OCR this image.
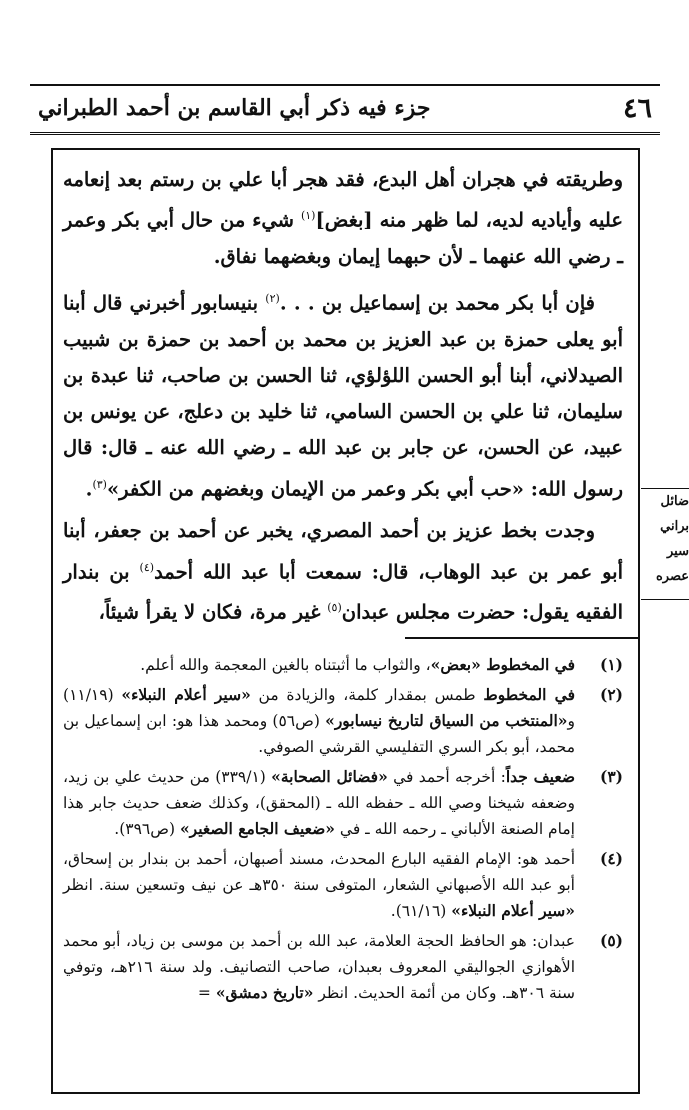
٤٦
جزء فيه ذكر أبي القاسم بن أحمد الطبراني

وطريقته في هجران أهل البدع، فقد هجر أبا علي بن رستم بعد إنعامه عليه وأياديه لديه، لما ظهر منه [بغض]$^{(١)}$ شيء من حال أبي بكر وعمر ـ رضي الله عنهما ـ لأن حبهما إيمان وبغضهما نفاق.

فإن أبا بكر محمد بن إسماعيل بن . . .$^{(٢)}$ بنيسابور أخبرني قال أبنا أبو يعلى حمزة بن عبد العزيز بن محمد بن أحمد بن حمزة بن شبيب الصيدلاني، أبنا أبو الحسن اللؤلؤي، ثنا الحسن بن صاحب، ثنا عبدة بن سليمان، ثنا علي بن الحسن السامي، ثنا خليد بن دعلج، عن يونس بن عبيد، عن الحسن، عن جابر بن عبد الله ـ رضي الله عنه ـ قال: قال رسول الله: «حب أبي بكر وعمر من الإيمان وبغضهم من الكفر»$^{(٣)}$.

وجدت بخط عزيز بن أحمد المصري، يخبر عن أحمد بن جعفر، أبنا أبو عمر بن عبد الوهاب، قال: سمعت أبا عبد الله أحمد$^{(٤)}$ بن بندار الفقيه يقول: حضرت مجلس عبدان$^{(٥)}$ غير مرة، فكان لا يقرأ شيئاً،

ضائل
براني
سير
عصره

(١)
في المخطوط «بعض»، والثواب ما أثبتناه بالغين المعجمة والله أعلم.

(٢)
في المخطوط طمس بمقدار كلمة، والزيادة من «سير أعلام النبلاء» (١١/١٩) و«المنتخب من السياق لتاريخ نيسابور» (ص٥٦) ومحمد هذا هو: ابن إسماعيل بن محمد، أبو بكر السري التفليسي القرشي الصوفي.

(٣)
ضعيف جداً: أخرجه أحمد في «فضائل الصحابة» (٣٣٩/١) من حديث علي بن زيد، وضعفه شيخنا وصي الله ـ حفظه الله ـ (المحقق)، وكذلك ضعف حديث جابر هذا إمام الصنعة الألباني ـ رحمه الله ـ في «ضعيف الجامع الصغير» (ص٣٩٦).

(٤)
أحمد هو: الإمام الفقيه البارع المحدث، مسند أصبهان، أحمد بن بندار بن إسحاق، أبو عبد الله الأصبهاني الشعار، المتوفى سنة ٣٥٠هـ عن نيف وتسعين سنة. انظر «سير أعلام النبلاء» (٦١/١٦).

(٥)
عبدان: هو الحافظ الحجة العلامة، عبد الله بن أحمد بن موسى بن زياد، أبو محمد الأهوازي الجواليقي المعروف بعبدان، صاحب التصانيف. ولد سنة ٢١٦هـ، وتوفي سنة ٣٠٦هـ. وكان من أئمة الحديث. انظر «تاريخ دمشق» =
